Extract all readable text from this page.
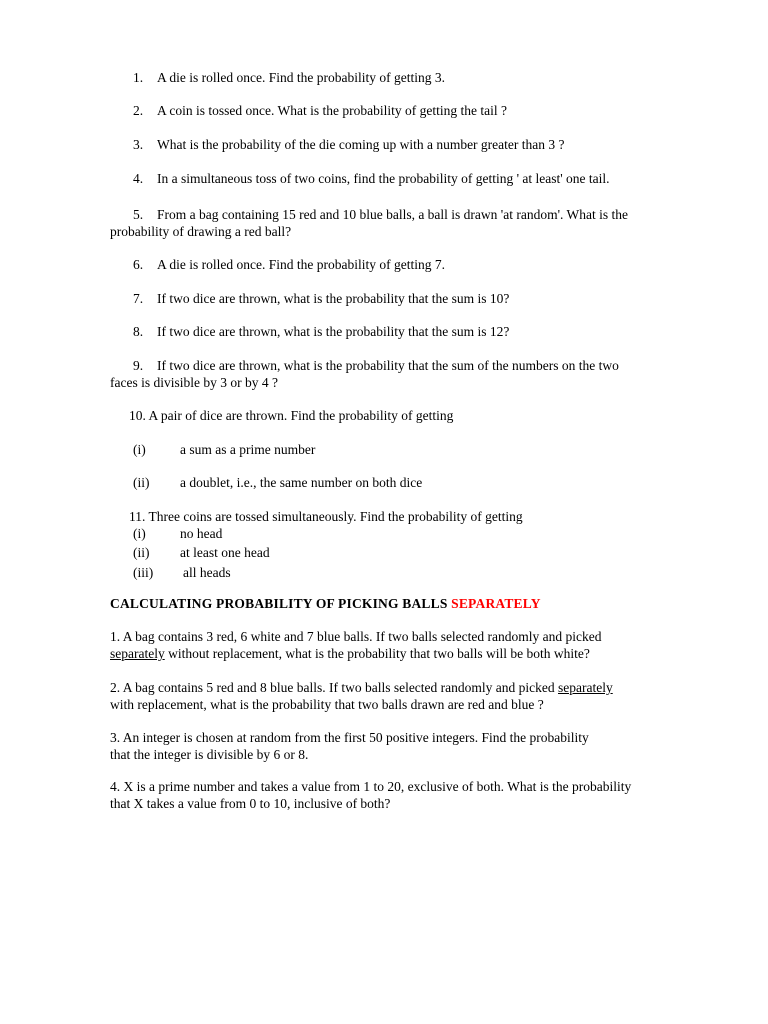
1. A die is rolled once. Find the probability of getting 3.

2. A coin is tossed once. What is the probability of getting the tail ?

3. What is the probability of the die coming up with a number greater than 3 ?

4. In a simultaneous toss of two coins, find the probability of getting ' at least' one tail.

5. From a bag containing 15 red and 10 blue balls, a ball is drawn 'at random'. What is the

probability of drawing a red ball?

6. A die is rolled once. Find the probability of getting 7.

7. If two dice are thrown, what is the probability that the sum is 10?

8. If two dice are thrown, what is the probability that the sum is 12?

9. If two dice are thrown, what is the probability that the sum of the numbers on the two

faces is divisible by 3 or by 4 ?

10. A pair of dice are thrown. Find the probability of getting

(i)	a sum as a prime number
(ii) a doublet, i.e., the same number on both dice

11. Three coins are tossed simultaneously. Find the probability of getting

(i)	no head
(ii) at least one head
(iii) all heads

CALCULATING PROBABILITY OF PICKING BALLS SEPARATELY

1. A bag contains 3 red, 6 white and 7 blue balls. If two balls selected randomly and picked

separately without replacement, what is the probability that two balls will be both white?

2. A bag contains 5 red and 8 blue balls. If two balls selected randomly and picked separately

with replacement, what is the probability that two balls drawn are red and blue ?

3. An integer is chosen at random from the first 50 positive integers. Find the probability

that the integer is divisible by 6 or 8.

4. X is a prime number and takes a value from 1 to 20, exclusive of both. What is the probability

that X takes a value from 0 to 10, inclusive of both?
